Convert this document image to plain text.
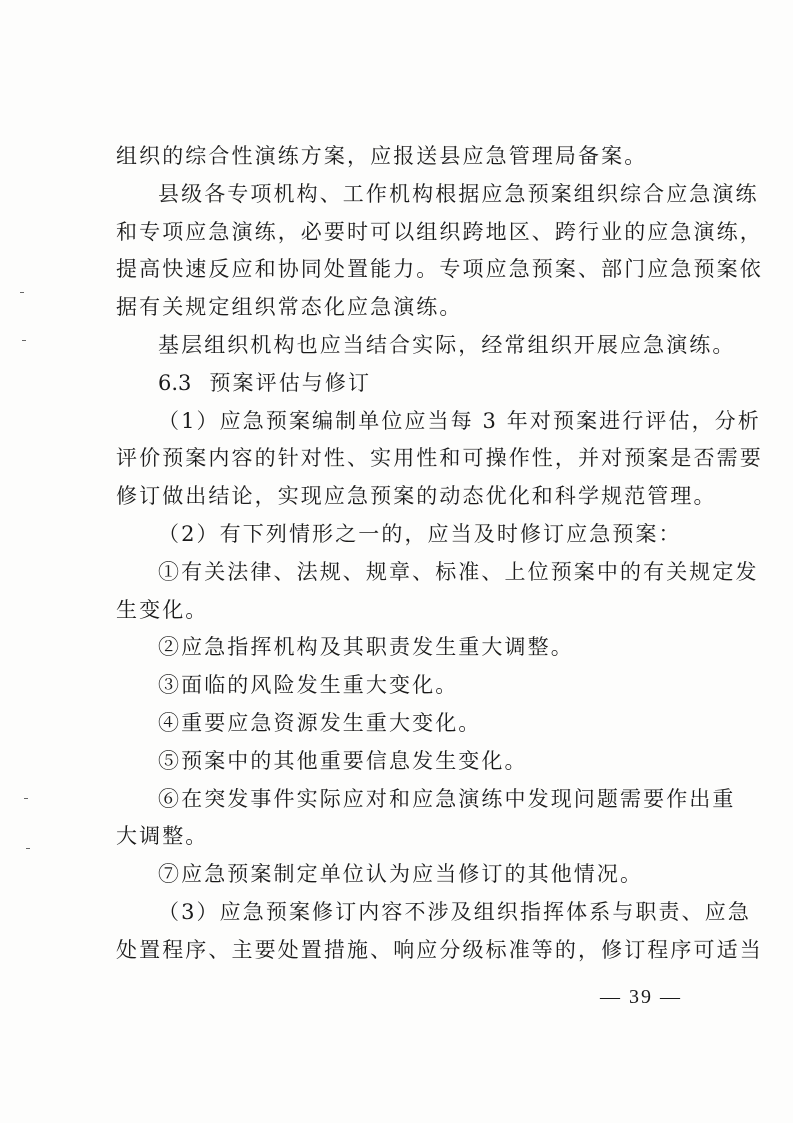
组织的综合性演练方案，应报送县应急管理局备案。
县级各专项机构、工作机构根据应急预案组织综合应急演练
和专项应急演练，必要时可以组织跨地区、跨行业的应急演练，
提高快速反应和协同处置能力。专项应急预案、部门应急预案依
据有关规定组织常态化应急演练。
基层组织机构也应当结合实际，经常组织开展应急演练。
6.3 预案评估与修订
（1）应急预案编制单位应当每 3 年对预案进行评估，分析
评价预案内容的针对性、实用性和可操作性，并对预案是否需要
修订做出结论，实现应急预案的动态优化和科学规范管理。
（2）有下列情形之一的，应当及时修订应急预案：
①有关法律、法规、规章、标准、上位预案中的有关规定发
生变化。
②应急指挥机构及其职责发生重大调整。
③面临的风险发生重大变化。
④重要应急资源发生重大变化。
⑤预案中的其他重要信息发生变化。
⑥在突发事件实际应对和应急演练中发现问题需要作出重
大调整。
⑦应急预案制定单位认为应当修订的其他情况。
（3）应急预案修订内容不涉及组织指挥体系与职责、应急
处置程序、主要处置措施、响应分级标准等的，修订程序可适当
— 39 —
